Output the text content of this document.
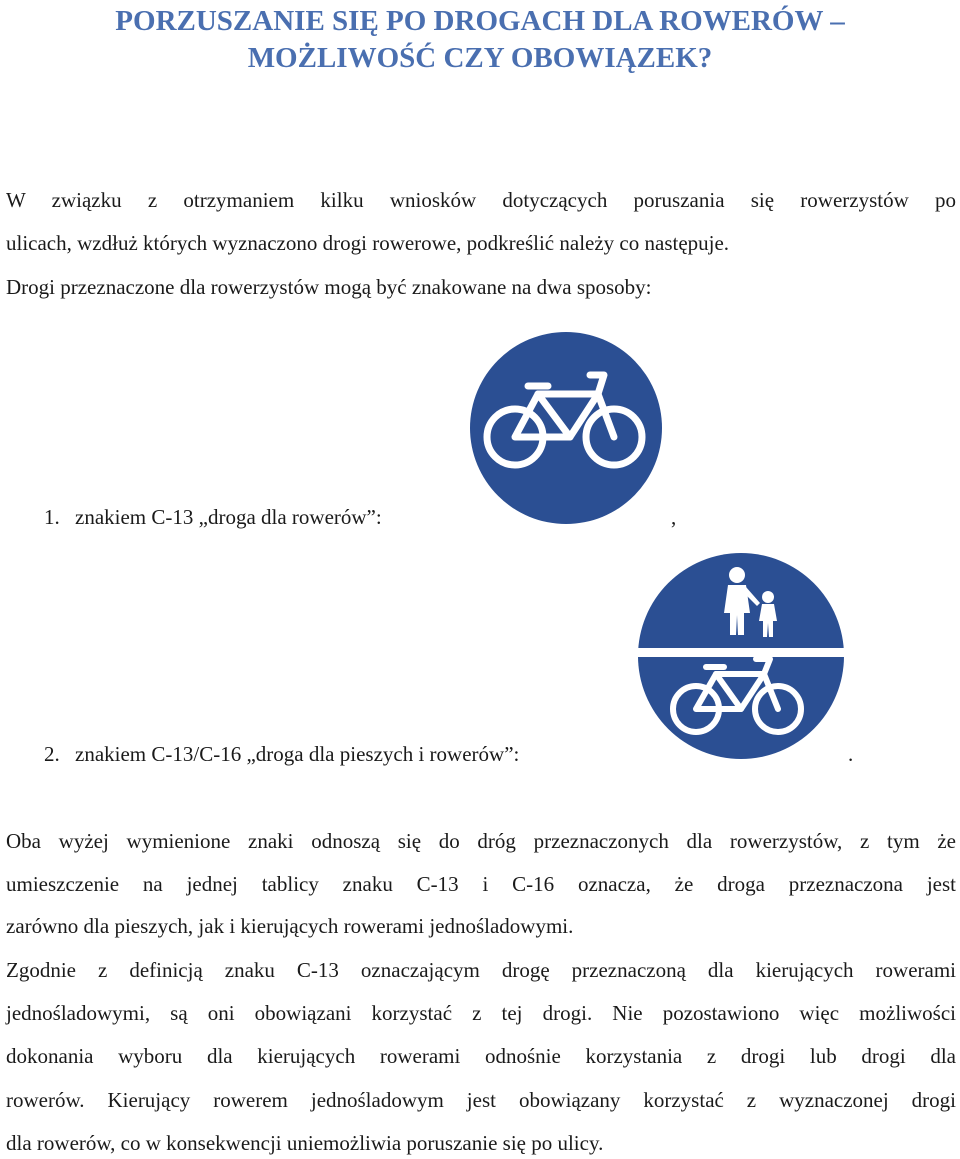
PORZUSZANIE SIĘ PO DROGACH DLA ROWERÓW –
MOŻLIWOŚĆ CZY OBOWIĄZEK?
W związku z otrzymaniem kilku wniosków dotyczących poruszania się rowerzystów po
ulicach, wzdłuż których wyznaczono drogi rowerowe, podkreślić należy co następuje.
Drogi przeznaczone dla rowerzystów mogą być znakowane na dwa sposoby:
1. znakiem C-13 „droga dla rowerów”:	,
2. znakiem C-13/C-16 „droga dla pieszych i rowerów”:	.
Oba wyżej wymienione znaki odnoszą się do dróg przeznaczonych dla rowerzystów, z tym że
umieszczenie na jednej tablicy znaku C-13 i C-16 oznacza, że droga przeznaczona jest
zarówno dla pieszych, jak i kierujących rowerami jednośladowymi.
Zgodnie z definicją znaku C-13 oznaczającym drogę przeznaczoną dla kierujących rowerami
jednośladowymi, są oni obowiązani korzystać z tej drogi. Nie pozostawiono więc możliwości
dokonania wyboru dla kierujących rowerami odnośnie korzystania z drogi lub drogi dla
rowerów. Kierujący rowerem jednośladowym jest obowiązany korzystać z wyznaczonej drogi
dla rowerów, co w konsekwencji uniemożliwia poruszanie się po ulicy.
